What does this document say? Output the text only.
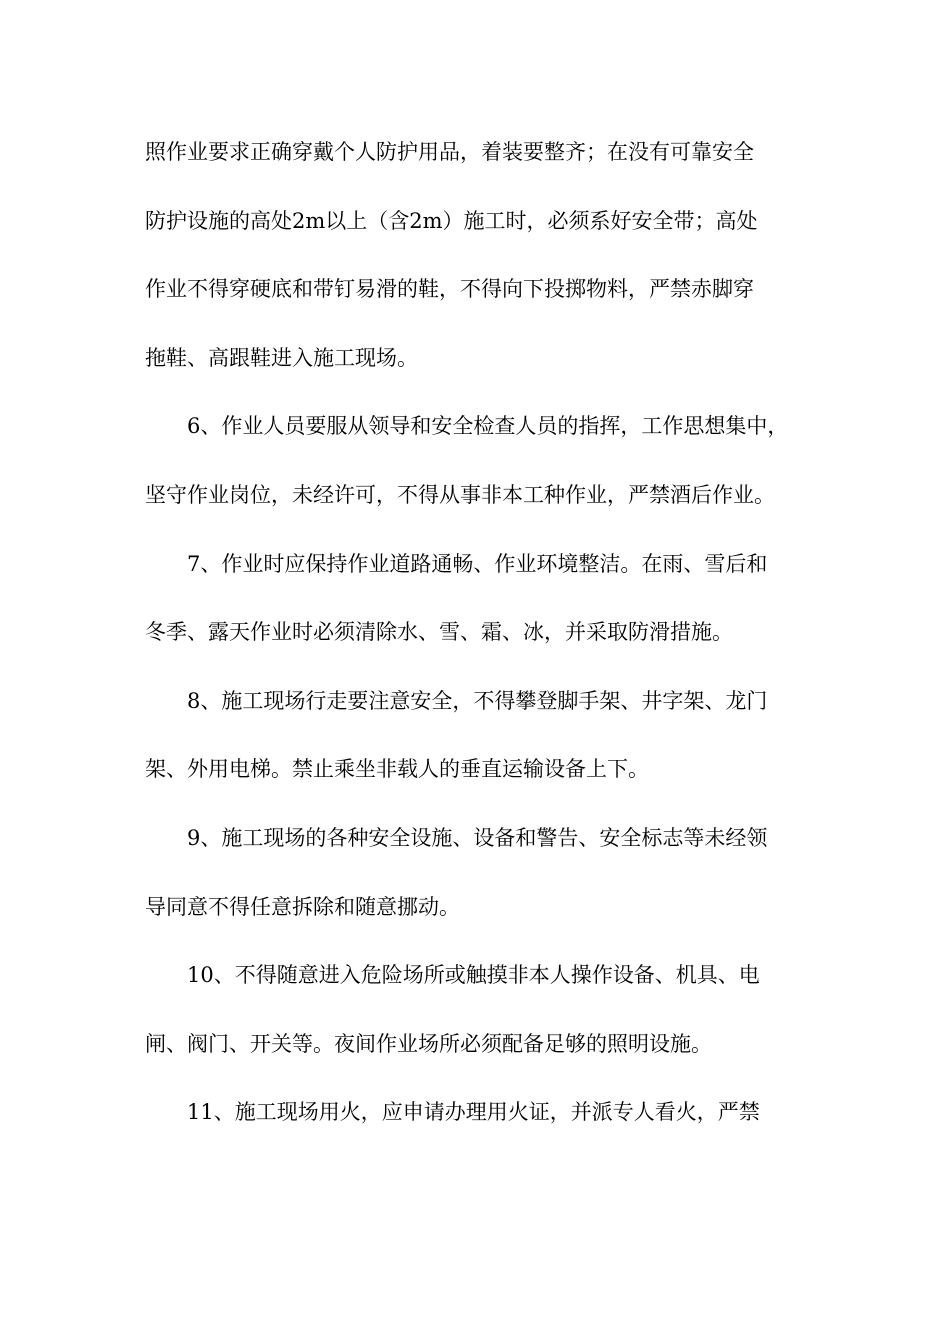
照作业要求正确穿戴个人防护用品，着装要整齐；在没有可靠安全
防护设施的高处2m以上（含2m）施工时，必须系好安全带；高处
作业不得穿硬底和带钉易滑的鞋，不得向下投掷物料，严禁赤脚穿
拖鞋、高跟鞋进入施工现场。
6、作业人员要服从领导和安全检查人员的指挥，工作思想集中，
坚守作业岗位，未经许可，不得从事非本工种作业，严禁酒后作业。
7、作业时应保持作业道路通畅、作业环境整洁。在雨、雪后和
冬季、露天作业时必须清除水、雪、霜、冰，并采取防滑措施。
8、施工现场行走要注意安全，不得攀登脚手架、井字架、龙门
架、外用电梯。禁止乘坐非载人的垂直运输设备上下。
9、施工现场的各种安全设施、设备和警告、安全标志等未经领
导同意不得任意拆除和随意挪动。
10、不得随意进入危险场所或触摸非本人操作设备、机具、电
闸、阀门、开关等。夜间作业场所必须配备足够的照明设施。
11、施工现场用火，应申请办理用火证，并派专人看火，严禁
